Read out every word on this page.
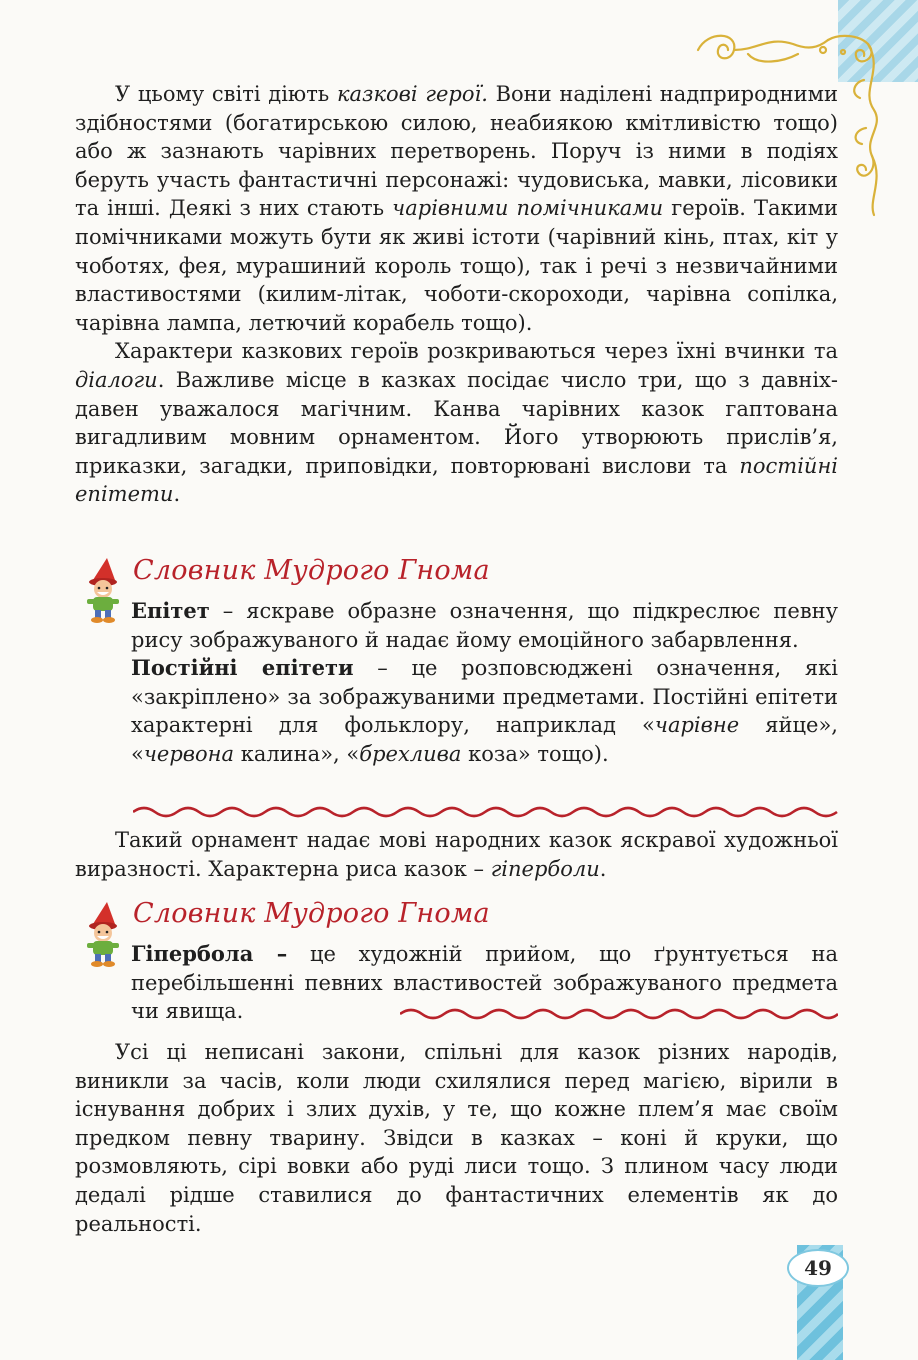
У цьому світі діють казкові герої. Вони наділені надприродними здібностями (богатирською силою, неабиякою кмітливістю тощо) або ж зазнають чарівних перетворень. Поруч із ними в подіях беруть участь фантастичні персонажі: чудовиська, мавки, лісовики та інші. Деякі з них стають чарівними помічниками героїв. Такими помічниками можуть бути як живі істоти (чарівний кінь, птах, кіт у чоботях, фея, мурашиний король тощо), так і речі з незвичайними властивостями (килим-літак, чоботи-скороходи, чарівна сопілка, чарівна лампа, летючий корабель тощо).

Характери казкових героїв розкриваються через їхні вчинки та діалоги. Важливе місце в казках посідає число три, що з давніх-давен уважалося магічним. Канва чарівних казок гаптована вигадливим мовним орнаментом. Його утворюють прислів’я, приказки, загадки, приповідки, повторювані вислови та постійні епітети.

Словник Мудрого Гнома

Епітет – яскраве образне означення, що підкреслює певну рису зображуваного й надає йому емоційного забарвлення.

Постійні епітети – це розповсюджені означення, які «закріплено» за зображуваними предметами. Постійні епітети характерні для фольклору, наприклад «чарівне яйце», «червона калина», «брехлива коза» тощо).

Такий орнамент надає мові народних казок яскравої художньої виразності. Характерна риса казок – гіперболи.

Словник Мудрого Гнома

Гіпербола – це художній прийом, що ґрунтується на перебільшенні певних властивостей зображуваного предмета чи явища.

Усі ці неписані закони, спільні для казок різних народів, виникли за часів, коли люди схилялися перед магією, вірили в існування добрих і злих духів, у те, що кожне плем’я має своїм предком певну тварину. Звідси в казках – коні й круки, що розмовляють, сірі вовки або руді лиси тощо. З плином часу люди дедалі рідше ставилися до фантастичних елементів як до реальності.

49
